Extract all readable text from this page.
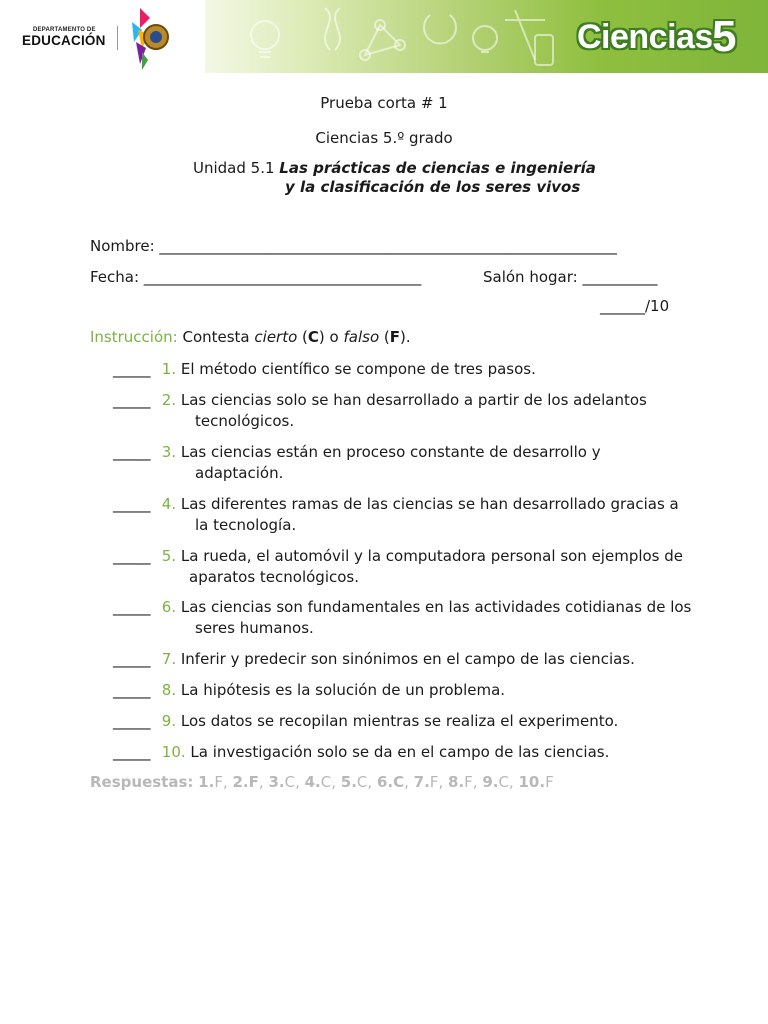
DEPARTAMENTO DE
EDUCACIÓN	Ciencias 5
Prueba corta # 1
Ciencias 5.º grado
Unidad 5.1 Las prácticas de ciencias e ingeniería
y la clasificación de los seres vivos
Nombre: _____________________________________________________________
Fecha: _____________________________________	Salón hogar: __________
______/10
Instrucción: Contesta cierto (C) o falso (F).
_____ 1. El método científico se compone de tres pasos.
_____ 2. Las ciencias solo se han desarrollado a partir de los adelantos
tecnológicos.
_____ 3. Las ciencias están en proceso constante de desarrollo y
adaptación.
_____ 4. Las diferentes ramas de las ciencias se han desarrollado gracias a
la tecnología.
_____ 5. La rueda, el automóvil y la computadora personal son ejemplos de
aparatos tecnológicos.
_____ 6. Las ciencias son fundamentales en las actividades cotidianas de los
seres humanos.
_____ 7. Inferir y predecir son sinónimos en el campo de las ciencias.
_____ 8. La hipótesis es la solución de un problema.
_____ 9. Los datos se recopilan mientras se realiza el experimento.
_____ 10. La investigación solo se da en el campo de las ciencias.
Respuestas: 1.F, 2.F, 3.C, 4.C, 5.C, 6.C, 7.F, 8.F, 9.C, 10.F
